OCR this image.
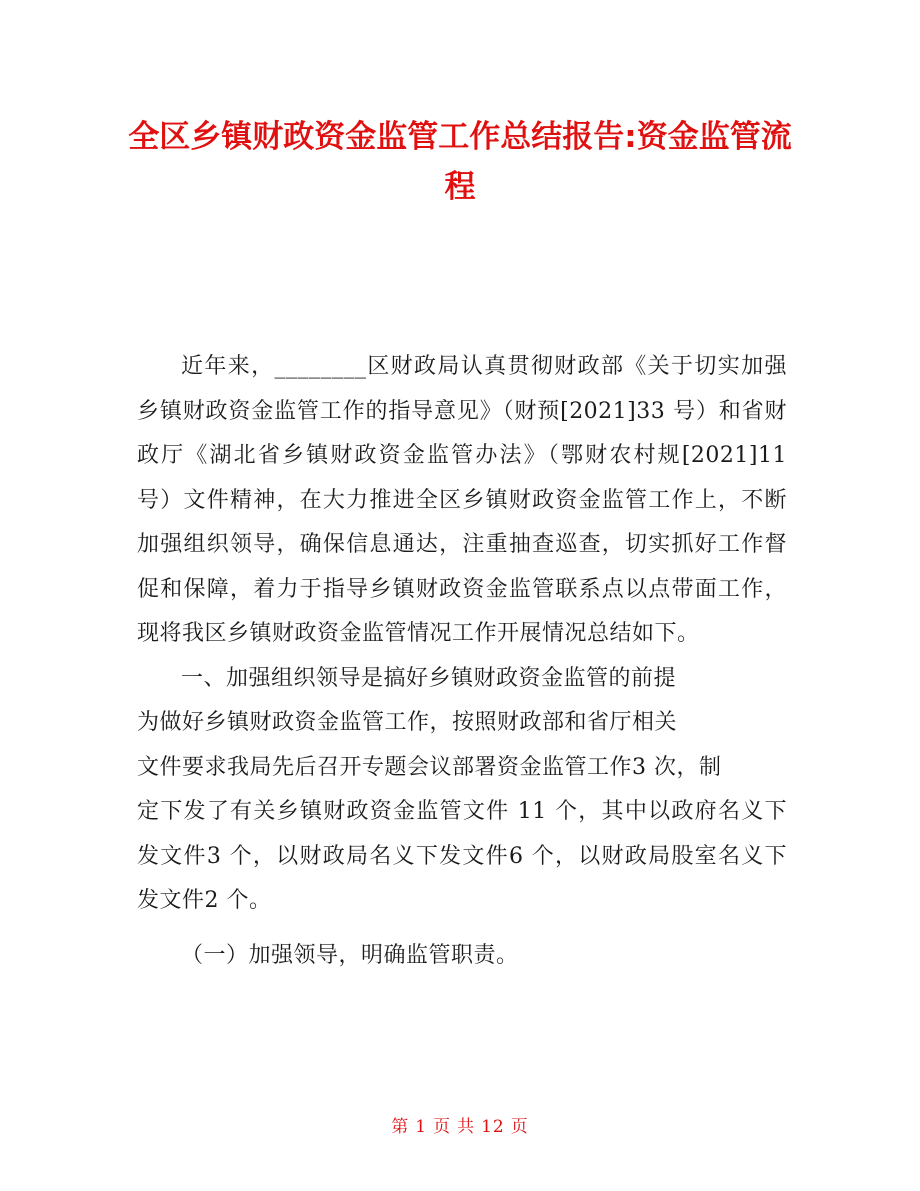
全区乡镇财政资金监管工作总结报告:资金监管流程

近年来，________区财政局认真贯彻财政部《关于切实加强 乡镇财政资金监管工作的指导意见》（财预[2021]33 号）和省财政厅《湖北省乡镇财政资金监管办法》（鄂财农村规[2021]11 号）文件精神，在大力推进全区乡镇财政资金监管工作上，不断加强组织领导，确保信息通达，注重抽查巡查，切实抓好工作督促和保障，着力于指导乡镇财政资金监管联系点以点带面工作，现将我区乡镇财政资金监管情况工作开展情况总结如下。

一、加强组织领导是搞好乡镇财政资金监管的前提

为做好乡镇财政资金监管工作，按照财政部和省厅相关

文件要求我局先后召开专题会议部署资金监管工作3 次，制

定下发了有关乡镇财政资金监管文件 11 个，其中以政府名义下发文件3 个，以财政局名义下发文件6 个，以财政局股室名义下发文件2 个。

（一）加强领导，明确监管职责。

第 1 页 共 12 页
